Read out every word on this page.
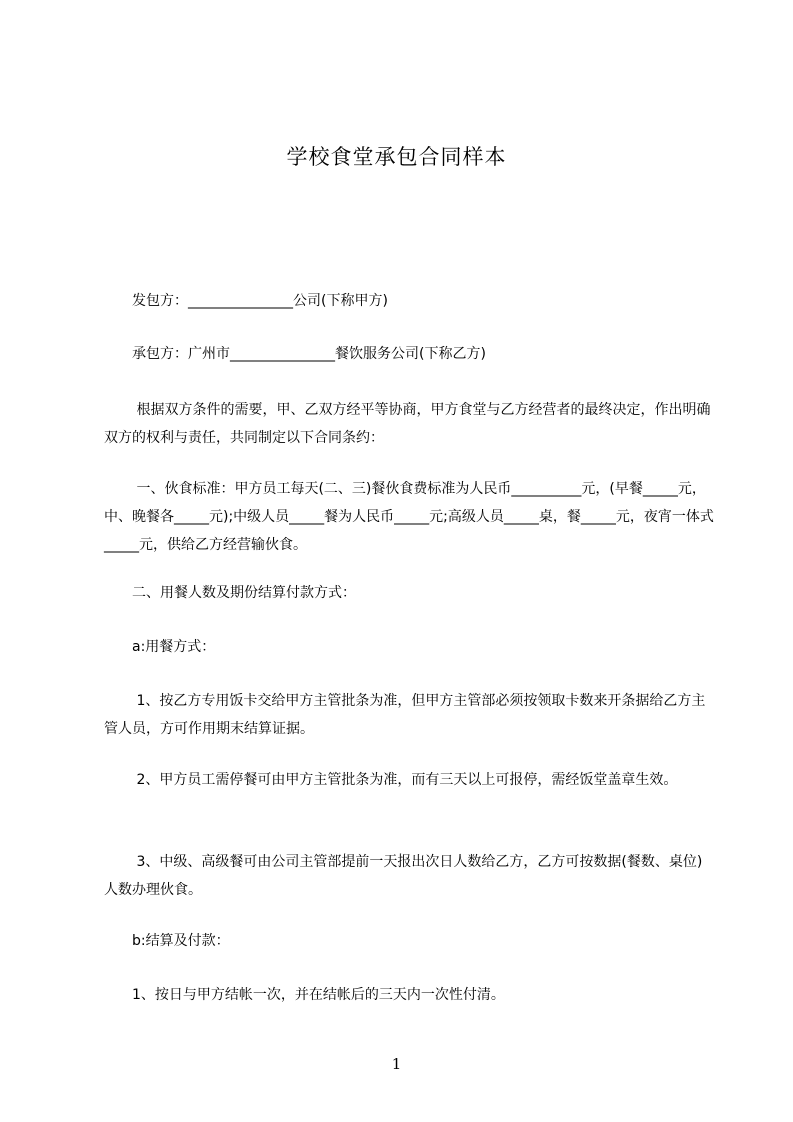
学校食堂承包合同样本
　　发包方：_______________公司(下称甲方)
　　承包方：广州市_______________餐饮服务公司(下称乙方)
　　 根据双方条件的需要，甲、乙双方经平等协商，甲方食堂与乙方经营者的最终决定，作出明确双方的权利与责任，共同制定以下合同条约：
　　 一、伙食标准：甲方员工每天(二、三)餐伙食费标准为人民币__________元，(早餐_____元，中、晚餐各_____元);中级人员_____餐为人民币_____元;高级人员_____桌，餐_____元，夜宵一体式_____元，供给乙方经营输伙食。
　　二、用餐人数及期份结算付款方式：
　　a:用餐方式：
　　 1、按乙方专用饭卡交给甲方主管批条为准，但甲方主管部必须按领取卡数来开条据给乙方主管人员，方可作用期末结算证据。
　　 2、甲方员工需停餐可由甲方主管批条为准，而有三天以上可报停，需经饭堂盖章生效。
　　 3、中级、高级餐可由公司主管部提前一天报出次日人数给乙方，乙方可按数据(餐数、桌位)人数办理伙食。
　　b:结算及付款：
　　1、按日与甲方结帐一次，并在结帐后的三天内一次性付清。
1
